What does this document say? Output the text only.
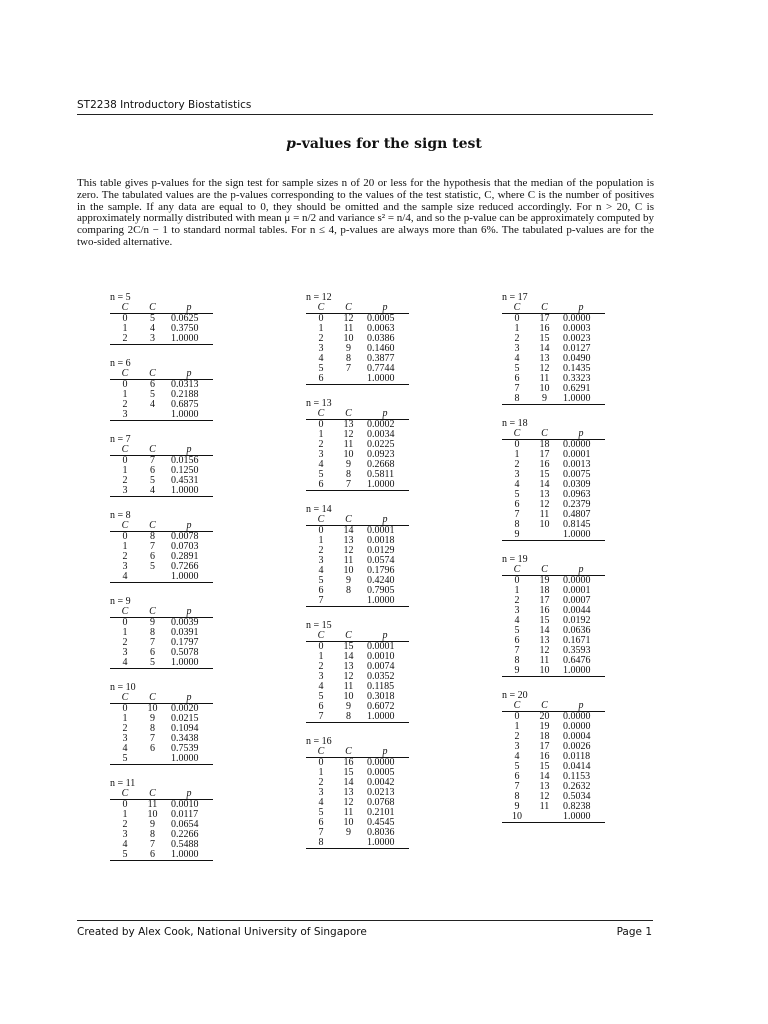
ST2238 Introductory Biostatistics
p-values for the sign test
This table gives p-values for the sign test for sample sizes n of 20 or less for the hypothesis that the median of the population is zero. The tabulated values are the p-values corresponding to the values of the test statistic, C, where C is the number of positives in the sample. If any data are equal to 0, they should be omitted and the sample size reduced accordingly. For n > 20, C is approximately normally distributed with mean μ = n/2 and variance s² = n/4, and so the p-value can be approximately computed by comparing 2C/n − 1 to standard normal tables. For n ≤ 4, p-values are always more than 6%. The tabulated p-values are for the two-sided alternative.
n = 5
C	C	p
0	5	0.0625
1	4	0.3750
2	3	1.0000
n = 6
C	C	p
0	6	0.0313
1	5	0.2188
2	4	0.6875
3		1.0000
n = 7
C	C	p
0	7	0.0156
1	6	0.1250
2	5	0.4531
3	4	1.0000
n = 8
C	C	p
0	8	0.0078
1	7	0.0703
2	6	0.2891
3	5	0.7266
4		1.0000
n = 9
C	C	p
0	9	0.0039
1	8	0.0391
2	7	0.1797
3	6	0.5078
4	5	1.0000
n = 10
C	C	p
0	10	0.0020
1	9	0.0215
2	8	0.1094
3	7	0.3438
4	6	0.7539
5		1.0000
n = 11
C	C	p
0	11	0.0010
1	10	0.0117
2	9	0.0654
3	8	0.2266
4	7	0.5488
5	6	1.0000
n = 12
C	C	p
0	12	0.0005
1	11	0.0063
2	10	0.0386
3	9	0.1460
4	8	0.3877
5	7	0.7744
6		1.0000
n = 13
C	C	p
0	13	0.0002
1	12	0.0034
2	11	0.0225
3	10	0.0923
4	9	0.2668
5	8	0.5811
6	7	1.0000
n = 14
C	C	p
0	14	0.0001
1	13	0.0018
2	12	0.0129
3	11	0.0574
4	10	0.1796
5	9	0.4240
6	8	0.7905
7		1.0000
n = 15
C	C	p
0	15	0.0001
1	14	0.0010
2	13	0.0074
3	12	0.0352
4	11	0.1185
5	10	0.3018
6	9	0.6072
7	8	1.0000
n = 16
C	C	p
0	16	0.0000
1	15	0.0005
2	14	0.0042
3	13	0.0213
4	12	0.0768
5	11	0.2101
6	10	0.4545
7	9	0.8036
8		1.0000
n = 17
C	C	p
0	17	0.0000
1	16	0.0003
2	15	0.0023
3	14	0.0127
4	13	0.0490
5	12	0.1435
6	11	0.3323
7	10	0.6291
8	9	1.0000
n = 18
C	C	p
0	18	0.0000
1	17	0.0001
2	16	0.0013
3	15	0.0075
4	14	0.0309
5	13	0.0963
6	12	0.2379
7	11	0.4807
8	10	0.8145
9		1.0000
n = 19
C	C	p
0	19	0.0000
1	18	0.0001
2	17	0.0007
3	16	0.0044
4	15	0.0192
5	14	0.0636
6	13	0.1671
7	12	0.3593
8	11	0.6476
9	10	1.0000
n = 20
C	C	p
0	20	0.0000
1	19	0.0000
2	18	0.0004
3	17	0.0026
4	16	0.0118
5	15	0.0414
6	14	0.1153
7	13	0.2632
8	12	0.5034
9	11	0.8238
10		1.0000
Created by Alex Cook, National University of Singapore	Page 1
